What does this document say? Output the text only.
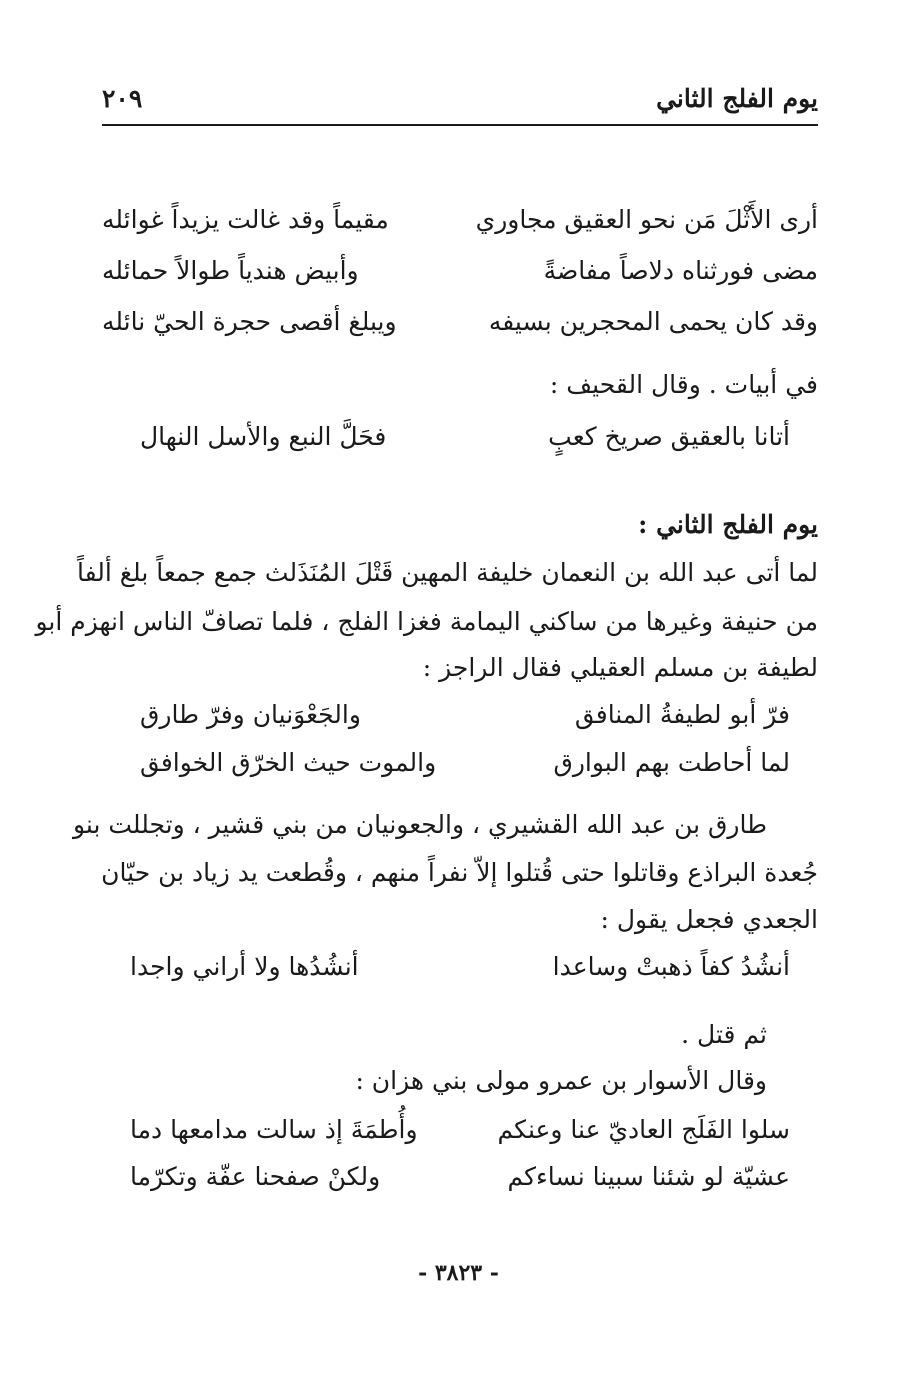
يوم الفلج الثاني
٢٠٩
أرى الأَثْلَ مَن نحو العقيق مجاوري
مقيماً وقد غالت يزيداً غوائله
مضى فورثناه دلاصاً مفاضةً
وأبيض هندياً طوالاً حمائله
وقد كان يحمى المحجرين بسيفه
ويبلغ أقصى حجرة الحيّ نائله
في أبيات . وقال القحيف :
أتانا بالعقيق صريخ كعبٍ
فحَلَّ النبع والأسل النهال
يوم الفلج الثاني :
لما أتى عبد الله بن النعمان خليفة المهين قَتْلَ المُنَذَلث جمع جمعاً بلغ ألفاً
من حنيفة وغيرها من ساكني اليمامة فغزا الفلج ، فلما تصافّ الناس انهزم أبو
لطيفة بن مسلم العقيلي فقال الراجز :
فرّ أبو لطيفةُ المنافق
والجَعْوَنيان وفرّ طارق
لما أحاطت بهم البوارق
والموت حيث الخرّق الخوافق
طارق بن عبد الله القشيري ، والجعونيان من بني قشير ، وتجللت بنو
جُعدة البراذع وقاتلوا حتى قُتلوا إلاّ نفراً منهم ، وقُطعت يد زياد بن حيّان
الجعدي فجعل يقول :
أنشُدُ كفاً ذهبتْ وساعدا
أنشُدُها ولا أراني واجدا
ثم قتل .
وقال الأسوار بن عمرو مولى بني هزان :
سلوا الفَلَج العاديّ عنا وعنكم
وأُطمَةَ إذ سالت مدامعها دما
عشيّة لو شئنا سبينا نساءكم
ولكنْ صفحنا عفّة وتكرّما
- ٣٨٢٣ -
